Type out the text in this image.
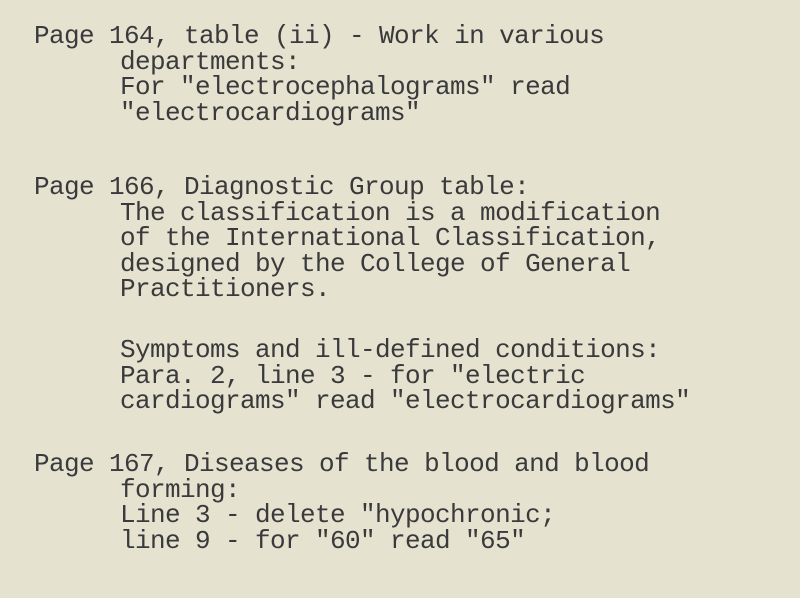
Page 164, table (ii) - Work in various
departments:
For "electrocephalograms" read
"electrocardiograms"
Page 166, Diagnostic Group table:
The classification is a modification
of the International Classification,
designed by the College of General
Practitioners.
Symptoms and ill-defined conditions:
Para. 2, line 3 - for "electric
cardiograms" read "electrocardiograms"
Page 167, Diseases of the blood and blood
forming:
Line 3 - delete "hypochronic;
line 9 - for "60" read "65"
